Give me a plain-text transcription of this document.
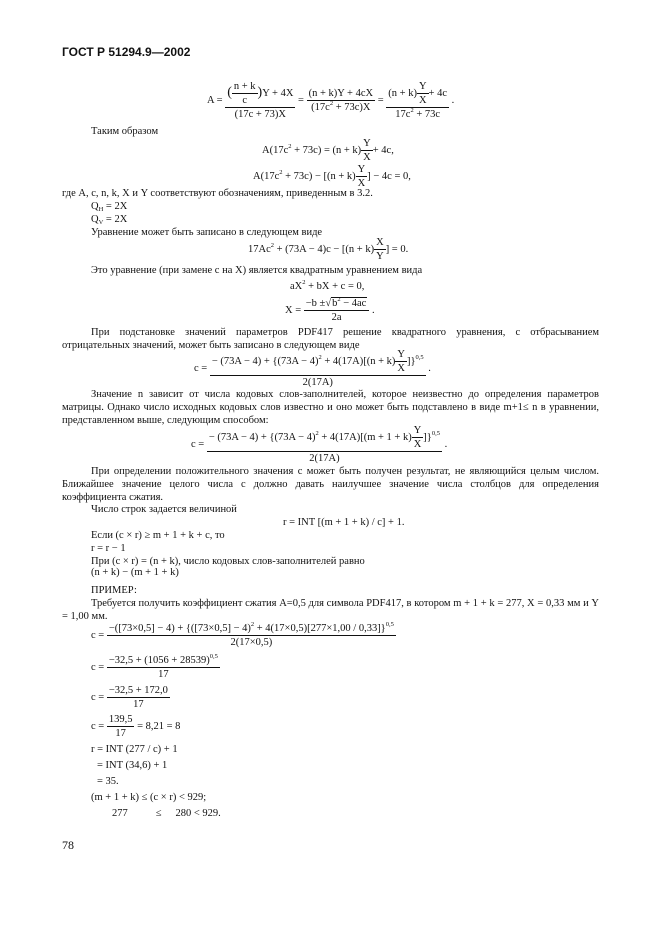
ГОСТ Р 51294.9—2002
$A = \frac{( \frac{n + k}{c} )Y + 4X}{(17c + 73)X} = \frac{(n + k)Y + 4cX}{(17c^2 + 73c)X} = \frac{(n + k) \frac{Y}{X} + 4c}{17c^2 + 73c}$ .
Таким образом
$A(17c^2 + 73c) = (n + k) \frac{Y}{X} + 4c$,
$A(17c^2 + 73c) - [(n + k) \frac{Y}{X}$ ] − 4c = 0,
где A, c, n, k, X и Y соответствуют обозначениям, приведенным в 3.2.
$Q_H = 2X$
$Q_V = 2X$
Уравнение может быть записано в следующем виде
$17Ac^2 + (73A - 4)c - [(n + k) \frac{X}{Y}$ ] = 0.
Это уравнение (при замене c на X) является квадратным уравнением вида
$aX^2$ + bX + c = 0,
$X = \frac{-b \pm√b^2 - 4ac}{2a}$ .
При подстановке значений параметров PDF417 решение квадратного уравнения, с отбрасыванием отрицательных значений, может быть записано в следующем виде
$c = \frac{- (73A - 4) + \{(73A - 4)^2 + 4(17A)[(n + k) \frac{Y}{X} ]\}^{0,5}}{2(17A)}$ .
Значение n зависит от числа кодовых слов-заполнителей, которое неизвестно до определения параметров матрицы. Однако число исходных кодовых слов известно и оно может быть подставлено в виде m+1≤ n в уравнении, представленном выше, следующим способом:
$c = \frac{- (73A - 4) + \{(73A - 4)^2 + 4(17A)[(m + 1 + k) \frac{Y}{X} ]\}^{0,5}}{2(17A)}$ .
При определении положительного значения c может быть получен результат, не являющийся целым числом. Ближайшее значение целого числа c должно давать наилучшее значение числа столбцов для определения коэффициента сжатия.
Число строк задается величиной
r = INT [(m + 1 + k) / c] + 1.
Если (c × r) ≥ m + 1 + k + c, то
r = r − 1
При (c × r) = (n + k), число кодовых слов-заполнителей равно
(n + k) − (m + 1 + k)
ПРИМЕР:
Требуется получить коэффициент сжатия A=0,5 для символа PDF417, в котором m + 1 + k = 277, X = 0,33 мм и Y = 1,00 мм.
c =
$-([73\times 0,5] - 4) + \{([73\times 0,5] - 4)^2 + 4(17\times 0,5)[277\times 1,00 / 0,33]\}^{0,5}$
2(17×0,5)
$c = \frac{-32,5 + (1056 + 28539)^{0,5}}{17}$
$c = \frac{-32,5 + 172,0}{17}$
$c = \frac{139,5}{17} = 8,21 = 8$
r = INT (277 / c) + 1
= INT (34,6) + 1
= 35.
(m + 1 + k) ≤ (c × r) < 929;
277	≤ 280 < 929.
78
